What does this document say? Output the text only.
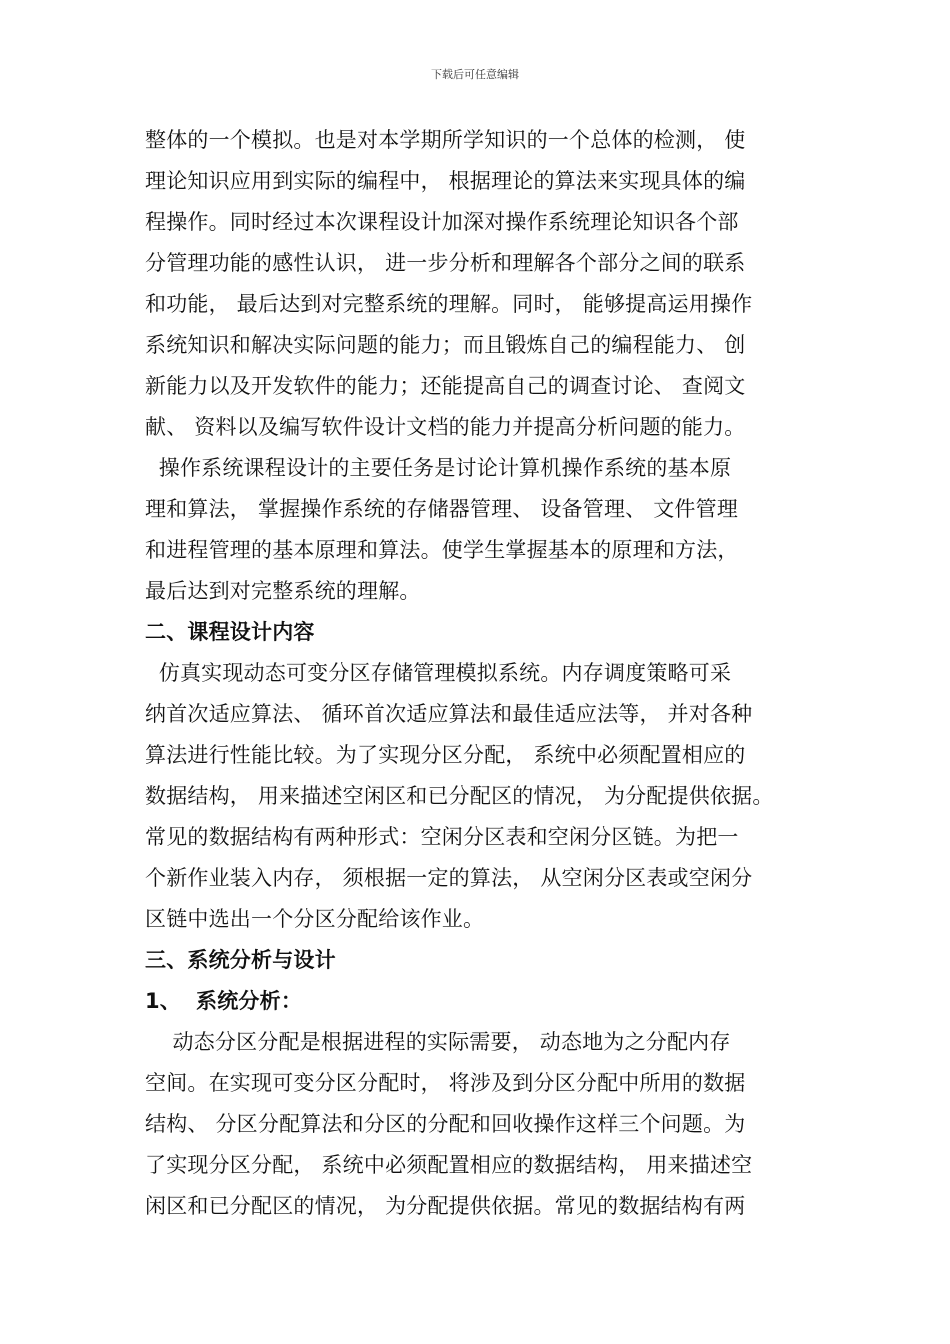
下载后可任意编辑
整体的一个模拟。也是对本学期所学知识的一个总体的检测， 使
理论知识应用到实际的编程中， 根据理论的算法来实现具体的编
程操作。同时经过本次课程设计加深对操作系统理论知识各个部
分管理功能的感性认识， 进一步分析和理解各个部分之间的联系
和功能， 最后达到对完整系统的理解。同时， 能够提高运用操作
系统知识和解决实际问题的能力；而且锻炼自己的编程能力、 创
新能力以及开发软件的能力；还能提高自己的调查讨论、 查阅文
献、 资料以及编写软件设计文档的能力并提高分析问题的能力。
操作系统课程设计的主要任务是讨论计算机操作系统的基本原
理和算法， 掌握操作系统的存储器管理、 设备管理、 文件管理
和进程管理的基本原理和算法。使学生掌握基本的原理和方法，
最后达到对完整系统的理解。
二、课程设计内容
仿真实现动态可变分区存储管理模拟系统。内存调度策略可采
纳首次适应算法、 循环首次适应算法和最佳适应法等， 并对各种
算法进行性能比较。为了实现分区分配， 系统中必须配置相应的
数据结构， 用来描述空闲区和已分配区的情况， 为分配提供依据。
常见的数据结构有两种形式：空闲分区表和空闲分区链。为把一
个新作业装入内存， 须根据一定的算法， 从空闲分区表或空闲分
区链中选出一个分区分配给该作业。
三、系统分析与设计
1、  系统分析：
动态分区分配是根据进程的实际需要， 动态地为之分配内存
空间。在实现可变分区分配时， 将涉及到分区分配中所用的数据
结构、 分区分配算法和分区的分配和回收操作这样三个问题。为
了实现分区分配， 系统中必须配置相应的数据结构， 用来描述空
闲区和已分配区的情况， 为分配提供依据。常见的数据结构有两
